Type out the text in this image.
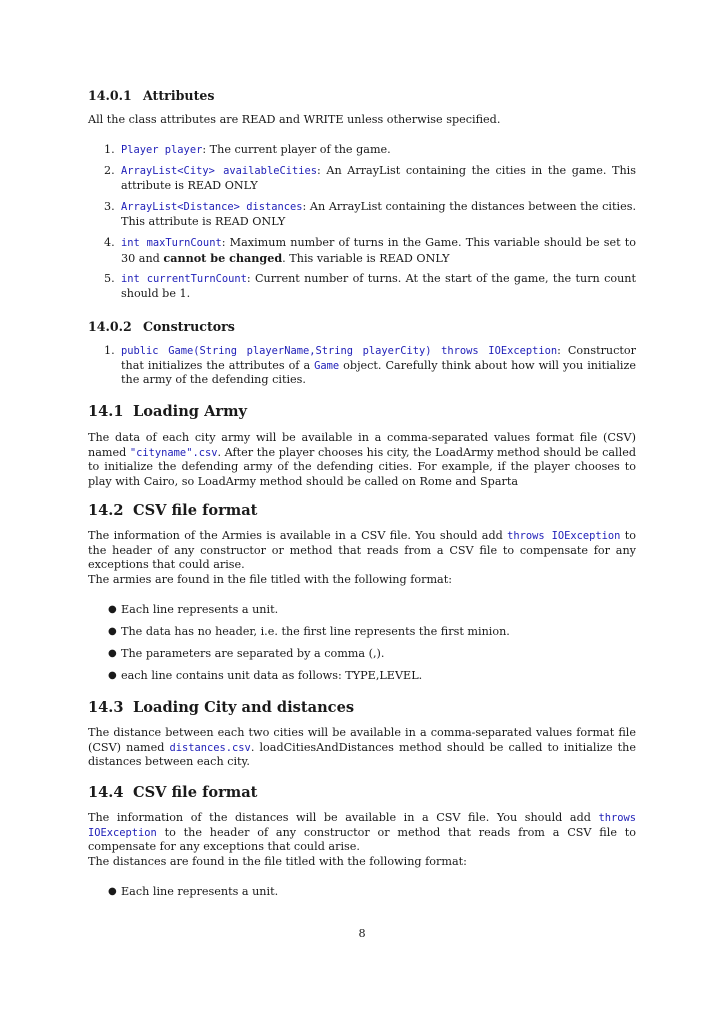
14.0.1 Attributes
All the class attributes are READ and WRITE unless otherwise specified.
1. Player player: The current player of the game.
2. ArrayList<City> availableCities: An ArrayList containing the cities in the game. This attribute is READ ONLY
3. ArrayList<Distance> distances: An ArrayList containing the distances between the cities. This attribute is READ ONLY
4. int maxTurnCount: Maximum number of turns in the Game. This variable should be set to 30 and cannot be changed. This variable is READ ONLY
5. int currentTurnCount: Current number of turns. At the start of the game, the turn count should be 1.
14.0.2 Constructors
1. public Game(String playerName,String playerCity) throws IOException: Constructor that initializes the attributes of a Game object. Carefully think about how will you initialize the army of the defending cities.
14.1 Loading Army
The data of each city army will be available in a comma-separated values format file (CSV) named "cityname".csv. After the player chooses his city, the LoadArmy method should be called to initialize the defending army of the defending cities. For example, if the player chooses to play with Cairo, so LoadArmy method should be called on Rome and Sparta
14.2 CSV file format
The information of the Armies is available in a CSV file. You should add throws IOException to the header of any constructor or method that reads from a CSV file to compensate for any exceptions that could arise.
The armies are found in the file titled with the following format:
● Each line represents a unit.
● The data has no header, i.e. the first line represents the first minion.
● The parameters are separated by a comma (,).
● each line contains unit data as follows: TYPE,LEVEL.
14.3 Loading City and distances
The distance between each two cities will be available in a comma-separated values format file (CSV) named distances.csv. loadCitiesAndDistances method should be called to initialize the distances between each city.
14.4 CSV file format
The information of the distances will be available in a CSV file. You should add throws IOException to the header of any constructor or method that reads from a CSV file to compensate for any exceptions that could arise.
The distances are found in the file titled with the following format:
● Each line represents a unit.
8
